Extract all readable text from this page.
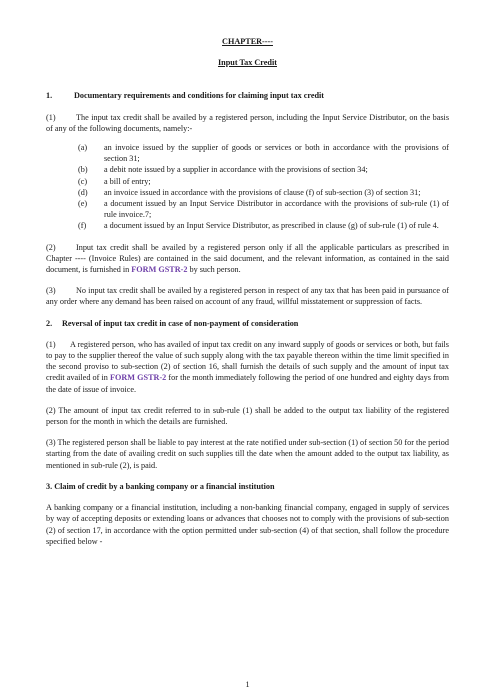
CHAPTER----
Input Tax Credit
1.	Documentary requirements and conditions for claiming input tax credit

(1) The input tax credit shall be availed by a registered person, including the Input Service Distributor, on the basis of any of the following documents, namely:-

(a)	an invoice issued by the supplier of goods or services or both in accordance with the provisions of section 31;
(b)	a debit note issued by a supplier in accordance with the provisions of section 34;
(c)	a bill of entry;
(d)	an invoice issued in accordance with the provisions of clause (f) of sub-section (3) of section 31;
(e)	a document issued by an Input Service Distributor in accordance with the provisions of sub-rule (1) of rule invoice.7;
(f)	a document issued by an Input Service Distributor, as prescribed in clause (g) of sub-rule (1) of rule 4.

(2) Input tax credit shall be availed by a registered person only if all the applicable particulars as prescribed in Chapter ---- (Invoice Rules) are contained in the said document, and the relevant information, as contained in the said document, is furnished in FORM GSTR-2 by such person.

(3) No input tax credit shall be availed by a registered person in respect of any tax that has been paid in pursuance of any order where any demand has been raised on account of any fraud, willful misstatement or suppression of facts.

2. Reversal of input tax credit in case of non-payment of consideration

(1) A registered person, who has availed of input tax credit on any inward supply of goods or services or both, but fails to pay to the supplier thereof the value of such supply along with the tax payable thereon within the time limit specified in the second proviso to sub-section (2) of section 16, shall furnish the details of such supply and the amount of input tax credit availed of in FORM GSTR-2 for the month immediately following the period of one hundred and eighty days from the date of issue of invoice.

(2) The amount of input tax credit referred to in sub-rule (1) shall be added to the output tax liability of the registered person for the month in which the details are furnished.

(3) The registered person shall be liable to pay interest at the rate notified under sub-section (1) of section 50 for the period starting from the date of availing credit on such supplies till the date when the amount added to the output tax liability, as mentioned in sub-rule (2), is paid.

3. Claim of credit by a banking company or a financial institution

A banking company or a financial institution, including a non-banking financial company, engaged in supply of services by way of accepting deposits or extending loans or advances that chooses not to comply with the provisions of sub-section (2) of section 17, in accordance with the option permitted under sub-section (4) of that section, shall follow the procedure specified below -

1
